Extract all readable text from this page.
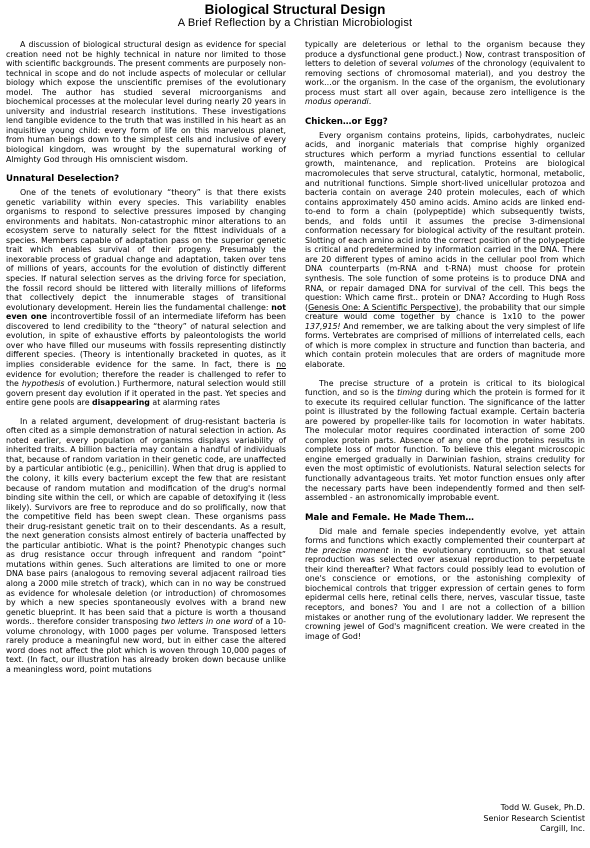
Biological Structural Design
A Brief Reflection by a Christian Microbiologist

A discussion of biological structural design as evidence for special creation need not be highly technical in nature nor limited to those with scientific backgrounds. The present comments are purposely non-technical in scope and do not include aspects of molecular or cellular biology which expose the unscientific premises of the evolutionary model. The author has studied several microorganisms and biochemical processes at the molecular level during nearly 20 years in university and industrial research institutions. These investigations lend tangible evidence to the truth that was instilled in his heart as an inquisitive young child: every form of life on this marvelous planet, from human beings down to the simplest cells and inclusive of every biological kingdom, was wrought by the supernatural working of Almighty God through His omniscient wisdom.

Unnatural Deselection?

One of the tenets of evolutionary “theory” is that there exists genetic variability within every species. This variability enables organisms to respond to selective pressures imposed by changing environments and habitats. Non-catastrophic minor alterations to an ecosystem serve to naturally select for the fittest individuals of a species. Members capable of adaptation pass on the superior genetic trait which enables survival of their progeny. Presumably the inexorable process of gradual change and adaptation, taken over tens of millions of years, accounts for the evolution of distinctly different species. If natural selection serves as the driving force for speciation, the fossil record should be littered with literally millions of lifeforms that collectively depict the innumerable stages of transitional evolutionary development. Herein lies the fundamental challenge: not even one incontrovertible fossil of an intermediate lifeform has been discovered to lend credibility to the “theory” of natural selection and evolution, in spite of exhaustive efforts by paleontologists the world over who have filled our museums with fossils representing distinctly different species. (Theory is intentionally bracketed in quotes, as it implies considerable evidence for the same. In fact, there is no evidence for evolution; therefore the reader is challenged to refer to the hypothesis of evolution.) Furthermore, natural selection would still govern present day evolution if it operated in the past. Yet species and entire gene pools are disappearing at alarming rates

In a related argument, development of drug-resistant bacteria is often cited as a simple demonstration of natural selection in action. As noted earlier, every population of organisms displays variability of inherited traits. A billion bacteria may contain a handful of individuals that, because of random variation in their genetic code, are unaffected by a particular antibiotic (e.g., penicillin). When that drug is applied to the colony, it kills every bacterium except the few that are resistant because of random mutation and modification of the drug's normal binding site within the cell, or which are capable of detoxifying it (less likely). Survivors are free to reproduce and do so prolifically, now that the competitive field has been swept clean. These organisms pass their drug-resistant genetic trait on to their descendants. As a result, the next generation consists almost entirely of bacteria unaffected by the particular antibiotic. What is the point? Phenotypic changes such as drug resistance occur through infrequent and random “point” mutations within genes. Such alterations are limited to one or more DNA base pairs (analogous to removing several adjacent railroad ties along a 2000 mile stretch of track), which can in no way be construed as evidence for wholesale deletion (or introduction) of chromosomes by which a new species spontaneously evolves with a brand new genetic blueprint. It has been said that a picture is worth a thousand words.. therefore consider transposing two letters in one word of a 10-volume chronology, with 1000 pages per volume. Transposed letters rarely produce a meaningful new word, but in either case the altered word does not affect the plot which is woven through 10,000 pages of text. (In fact, our illustration has already broken down because unlike a meaningless word, point mutations

typically are deleterious or lethal to the organism because they produce a dysfunctional gene product.) Now, contrast transposition of letters to deletion of several volumes of the chronology (equivalent to removing sections of chromosomal material), and you destroy the work…or the organism. In the case of the organism, the evolutionary process must start all over again, because zero intelligence is the modus operandi.

Chicken…or Egg?

Every organism contains proteins, lipids, carbohydrates, nucleic acids, and inorganic materials that comprise highly organized structures which perform a myriad functions essential to cellular growth, maintenance, and replication. Proteins are biological macromolecules that serve structural, catalytic, hormonal, metabolic, and nutritional functions. Simple short-lived unicellular protozoa and bacteria contain on average 240 protein molecules, each of which contains approximately 450 amino acids. Amino acids are linked end-to-end to form a chain (polypeptide) which subsequently twists, bends, and folds until it assumes the precise 3-dimensional conformation necessary for biological activity of the resultant protein. Slotting of each amino acid into the correct position of the polypeptide is critical and predetermined by information carried in the DNA. There are 20 different types of amino acids in the cellular pool from which DNA counterparts (m-RNA and t-RNA) must choose for protein synthesis. The sole function of some proteins is to produce DNA and RNA, or repair damaged DNA for survival of the cell. This begs the question: Which came first.. protein or DNA? According to Hugh Ross (Genesis One: A Scientific Perspective), the probability that our simple creature would come together by chance is 1x10 to the power 137,915! And remember, we are talking about the very simplest of life forms. Vertebrates are comprised of millions of interrelated cells, each of which is more complex in structure and function than bacteria, and which contain protein molecules that are orders of magnitude more elaborate.

The precise structure of a protein is critical to its biological function, and so is the timing during which the protein is formed for it to execute its required cellular function. The significance of the latter point is illustrated by the following factual example. Certain bacteria are powered by propeller-like tails for locomotion in water habitats. The molecular motor requires coordinated interaction of some 200 complex protein parts. Absence of any one of the proteins results in complete loss of motor function. To believe this elegant microscopic engine emerged gradually in Darwinian fashion, strains credulity for even the most optimistic of evolutionists. Natural selection selects for functionally advantageous traits. Yet motor function ensues only after the necessary parts have been independently formed and then self-assembled - an astronomically improbable event.

Male and Female. He Made Them…

Did male and female species independently evolve, yet attain forms and functions which exactly complemented their counterpart at the precise moment in the evolutionary continuum, so that sexual reproduction was selected over asexual reproduction to perpetuate their kind thereafter? What factors could possibly lead to evolution of one's conscience or emotions, or the astonishing complexity of biochemical controls that trigger expression of certain genes to form epidermal cells here, retinal cells there, nerves, vascular tissue, taste receptors, and bones? You and I are not a collection of a billion mistakes or another rung of the evolutionary ladder. We represent the crowning jewel of God's magnificent creation. We were created in the image of God!

Todd W. Gusek, Ph.D.
Senior Research Scientist
Cargill, Inc.
